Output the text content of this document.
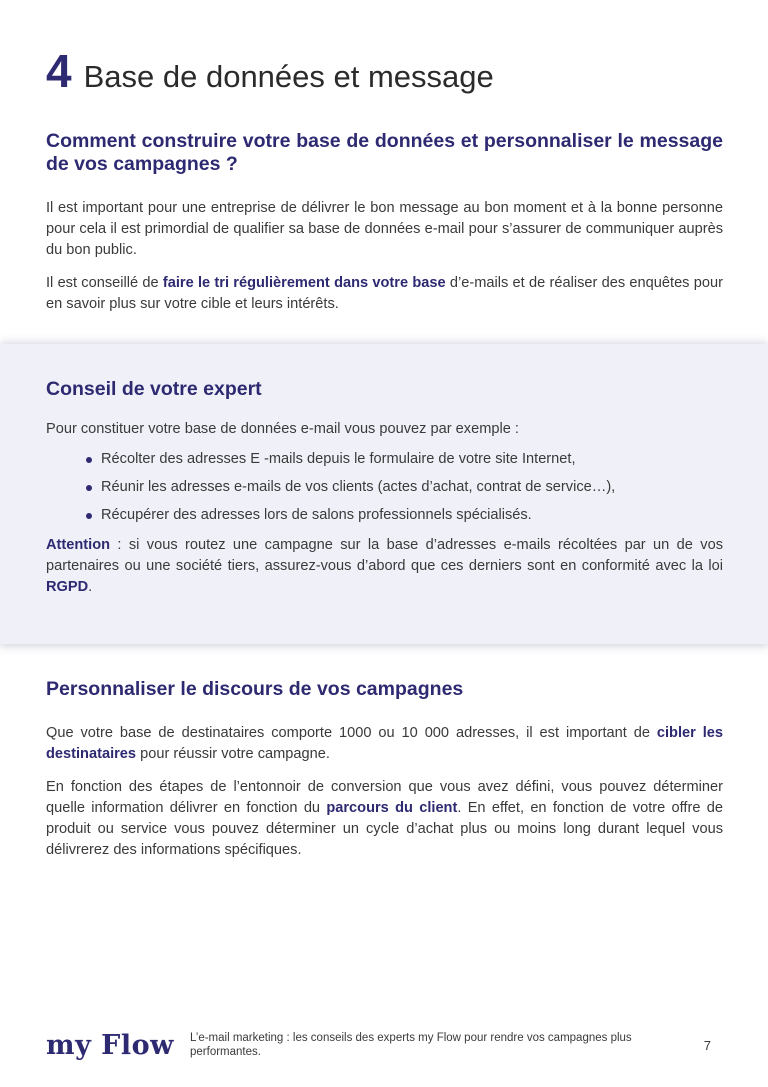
4 Base de données et message
Comment construire votre base de données et personnaliser le message de vos campagnes ?

Il est important pour une entreprise de délivrer le bon message au bon moment et à la bonne personne pour cela il est primordial de qualifier sa base de données e-mail pour s’assurer de communiquer auprès du bon public.

Il est conseillé de faire le tri régulièrement dans votre base d’e-mails et de réaliser des enquêtes pour en savoir plus sur votre cible et leurs intérêts.

Conseil de votre expert

Pour constituer votre base de données e-mail vous pouvez par exemple :

Récolter des adresses E -mails depuis le formulaire de votre site Internet,
Réunir les adresses e-mails de vos clients (actes d’achat, contrat de service…),
Récupérer des adresses lors de salons professionnels spécialisés.

Attention : si vous routez une campagne sur la base d’adresses e-mails récoltées par un de vos partenaires ou une société tiers, assurez-vous d’abord que ces derniers sont en conformité avec la loi RGPD.

Personnaliser le discours de vos campagnes

Que votre base de destinataires comporte 1000 ou 10 000 adresses, il est important de cibler les destinataires pour réussir votre campagne.

En fonction des étapes de l’entonnoir de conversion que vous avez défini, vous pouvez déterminer quelle information délivrer en fonction du parcours du client. En effet, en fonction de votre offre de produit ou service vous pouvez déterminer un cycle d’achat plus ou moins long durant lequel vous délivrerez des informations spécifiques.

my Flow L’e-mail marketing : les conseils des experts my Flow pour rendre vos campagnes plus performantes.	7
